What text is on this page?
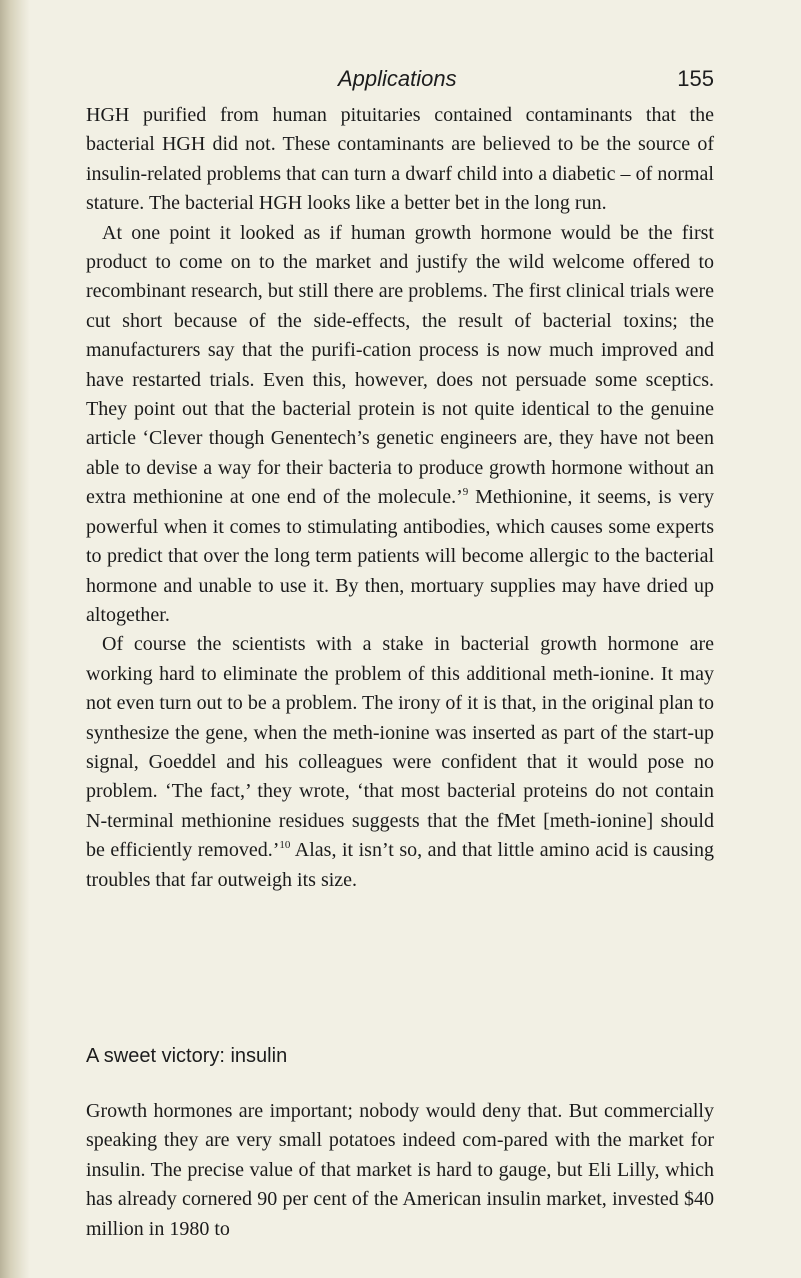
Applications	155

HGH purified from human pituitaries contained contaminants that the bacterial HGH did not. These contaminants are believed to be the source of insulin-related problems that can turn a dwarf child into a diabetic – of normal stature. The bacterial HGH looks like a better bet in the long run.

At one point it looked as if human growth hormone would be the first product to come on to the market and justify the wild welcome offered to recombinant research, but still there are problems. The first clinical trials were cut short because of the side-effects, the result of bacterial toxins; the manufacturers say that the purifi-cation process is now much improved and have restarted trials. Even this, however, does not persuade some sceptics. They point out that the bacterial protein is not quite identical to the genuine article ‘Clever though Genentech’s genetic engineers are, they have not been able to devise a way for their bacteria to produce growth hormone without an extra methionine at one end of the molecule.’$^9$ Methionine, it seems, is very powerful when it comes to stimulating antibodies, which causes some experts to predict that over the long term patients will become allergic to the bacterial hormone and unable to use it. By then, mortuary supplies may have dried up altogether.

Of course the scientists with a stake in bacterial growth hormone are working hard to eliminate the problem of this additional meth-ionine. It may not even turn out to be a problem. The irony of it is that, in the original plan to synthesize the gene, when the meth-ionine was inserted as part of the start-up signal, Goeddel and his colleagues were confident that it would pose no problem. ‘The fact,’ they wrote, ‘that most bacterial proteins do not contain N-terminal methionine residues suggests that the fMet [meth-ionine] should be efficiently removed.’$^{10}$ Alas, it isn’t so, and that little amino acid is causing troubles that far outweigh its size.

A sweet victory: insulin

Growth hormones are important; nobody would deny that. But commercially speaking they are very small potatoes indeed com-pared with the market for insulin. The precise value of that market is hard to gauge, but Eli Lilly, which has already cornered 90 per cent of the American insulin market, invested $40 million in 1980 to
